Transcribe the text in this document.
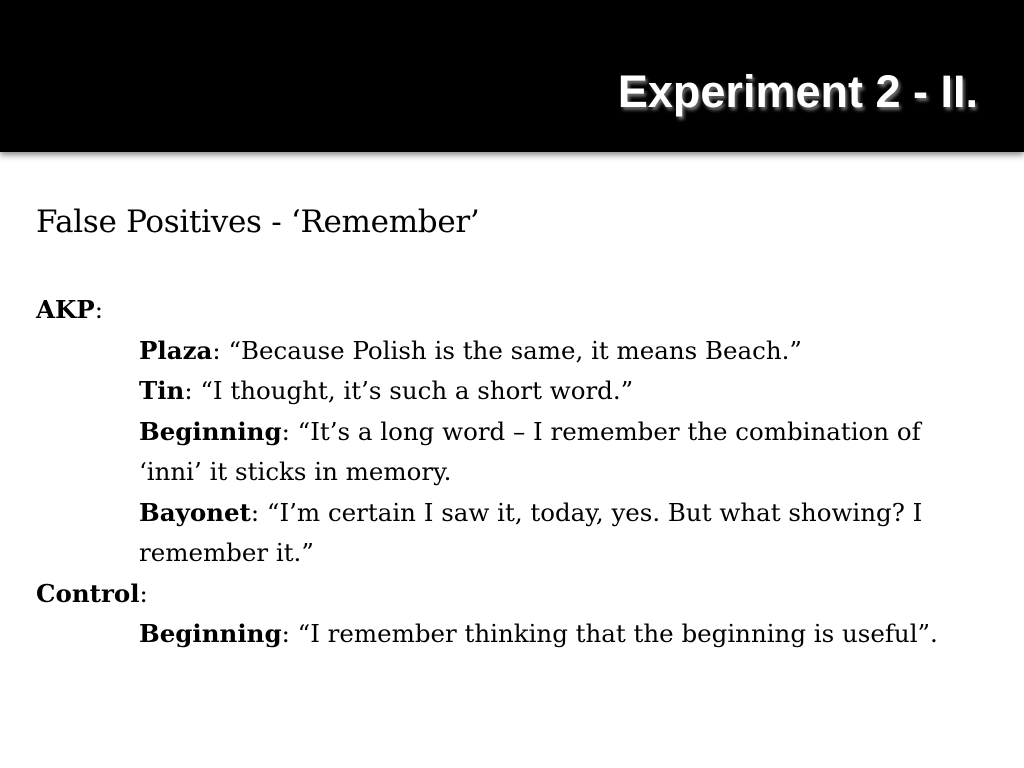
Experiment 2 - II.
False Positives - ‘Remember’
AKP:
Plaza: “Because Polish is the same, it means Beach.”
Tin: “I thought, it’s such a short word.”
Beginning: “It’s a long word – I remember the combination of ‘inni’ it sticks in memory.
Bayonet: “I’m certain I saw it, today, yes. But what showing? I remember it.”
Control:
Beginning: “I remember thinking that the beginning is useful”.
